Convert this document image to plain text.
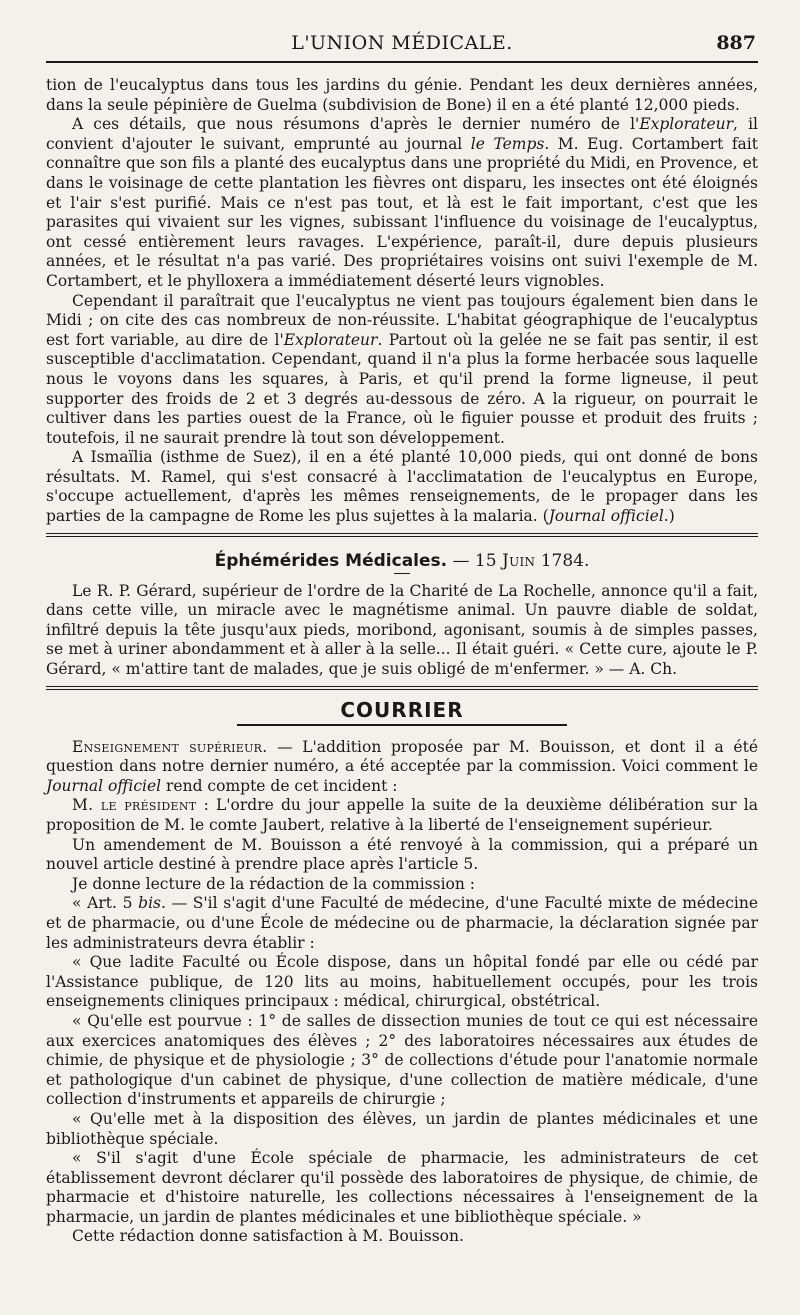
L'UNION MÉDICALE.	887

tion de l'eucalyptus dans tous les jardins du génie. Pendant les deux dernières années, dans la seule pépinière de Guelma (subdivision de Bone) il en a été planté 12,000 pieds.

A ces détails, que nous résumons d'après le dernier numéro de l'Explorateur, il convient d'ajouter le suivant, emprunté au journal le Temps. M. Eug. Cortambert fait connaître que son fils a planté des eucalyptus dans une propriété du Midi, en Provence, et dans le voisinage de cette plantation les fièvres ont disparu, les insectes ont été éloignés et l'air s'est purifié. Mais ce n'est pas tout, et là est le fait important, c'est que les parasites qui vivaient sur les vignes, subissant l'influence du voisinage de l'eucalyptus, ont cessé entièrement leurs ravages. L'expérience, paraît-il, dure depuis plusieurs années, et le résultat n'a pas varié. Des propriétaires voisins ont suivi l'exemple de M. Cortambert, et le phylloxera a immédiatement déserté leurs vignobles.

Cependant il paraîtrait que l'eucalyptus ne vient pas toujours également bien dans le Midi ; on cite des cas nombreux de non-réussite. L'habitat géographique de l'eucalyptus est fort variable, au dire de l'Explorateur. Partout où la gelée ne se fait pas sentir, il est susceptible d'acclimatation. Cependant, quand il n'a plus la forme herbacée sous laquelle nous le voyons dans les squares, à Paris, et qu'il prend la forme ligneuse, il peut supporter des froids de 2 et 3 degrés au-dessous de zéro. A la rigueur, on pourrait le cultiver dans les parties ouest de la France, où le figuier pousse et produit des fruits ; toutefois, il ne saurait prendre là tout son développement.

A Ismaïlia (isthme de Suez), il en a été planté 10,000 pieds, qui ont donné de bons résultats. M. Ramel, qui s'est consacré à l'acclimatation de l'eucalyptus en Europe, s'occupe actuellement, d'après les mêmes renseignements, de le propager dans les parties de la campagne de Rome les plus sujettes à la malaria. (Journal officiel.)

Éphémérides Médicales. — 15 Juin 1784.

Le R. P. Gérard, supérieur de l'ordre de la Charité de La Rochelle, annonce qu'il a fait, dans cette ville, un miracle avec le magnétisme animal. Un pauvre diable de soldat, infiltré depuis la tête jusqu'aux pieds, moribond, agonisant, soumis à de simples passes, se met à uriner abondamment et à aller à la selle... Il était guéri. « Cette cure, ajoute le P. Gérard, « m'attire tant de malades, que je suis obligé de m'enfermer. » — A. Ch.

COURRIER

Enseignement supérieur. — L'addition proposée par M. Bouisson, et dont il a été question dans notre dernier numéro, a été acceptée par la commission. Voici comment le Journal officiel rend compte de cet incident :

M. le président : L'ordre du jour appelle la suite de la deuxième délibération sur la proposition de M. le comte Jaubert, relative à la liberté de l'enseignement supérieur.

Un amendement de M. Bouisson a été renvoyé à la commission, qui a préparé un nouvel article destiné à prendre place après l'article 5.

Je donne lecture de la rédaction de la commission :

« Art. 5 bis. — S'il s'agit d'une Faculté de médecine, d'une Faculté mixte de médecine et de pharmacie, ou d'une École de médecine ou de pharmacie, la déclaration signée par les administrateurs devra établir :

« Que ladite Faculté ou École dispose, dans un hôpital fondé par elle ou cédé par l'Assistance publique, de 120 lits au moins, habituellement occupés, pour les trois enseignements cliniques principaux : médical, chirurgical, obstétrical.

« Qu'elle est pourvue : 1° de salles de dissection munies de tout ce qui est nécessaire aux exercices anatomiques des élèves ; 2° des laboratoires nécessaires aux études de chimie, de physique et de physiologie ; 3° de collections d'étude pour l'anatomie normale et pathologique d'un cabinet de physique, d'une collection de matière médicale, d'une collection d'instruments et appareils de chirurgie ;

« Qu'elle met à la disposition des élèves, un jardin de plantes médicinales et une bibliothèque spéciale.

« S'il s'agit d'une École spéciale de pharmacie, les administrateurs de cet établissement devront déclarer qu'il possède des laboratoires de physique, de chimie, de pharmacie et d'histoire naturelle, les collections nécessaires à l'enseignement de la pharmacie, un jardin de plantes médicinales et une bibliothèque spéciale. »

Cette rédaction donne satisfaction à M. Bouisson.
